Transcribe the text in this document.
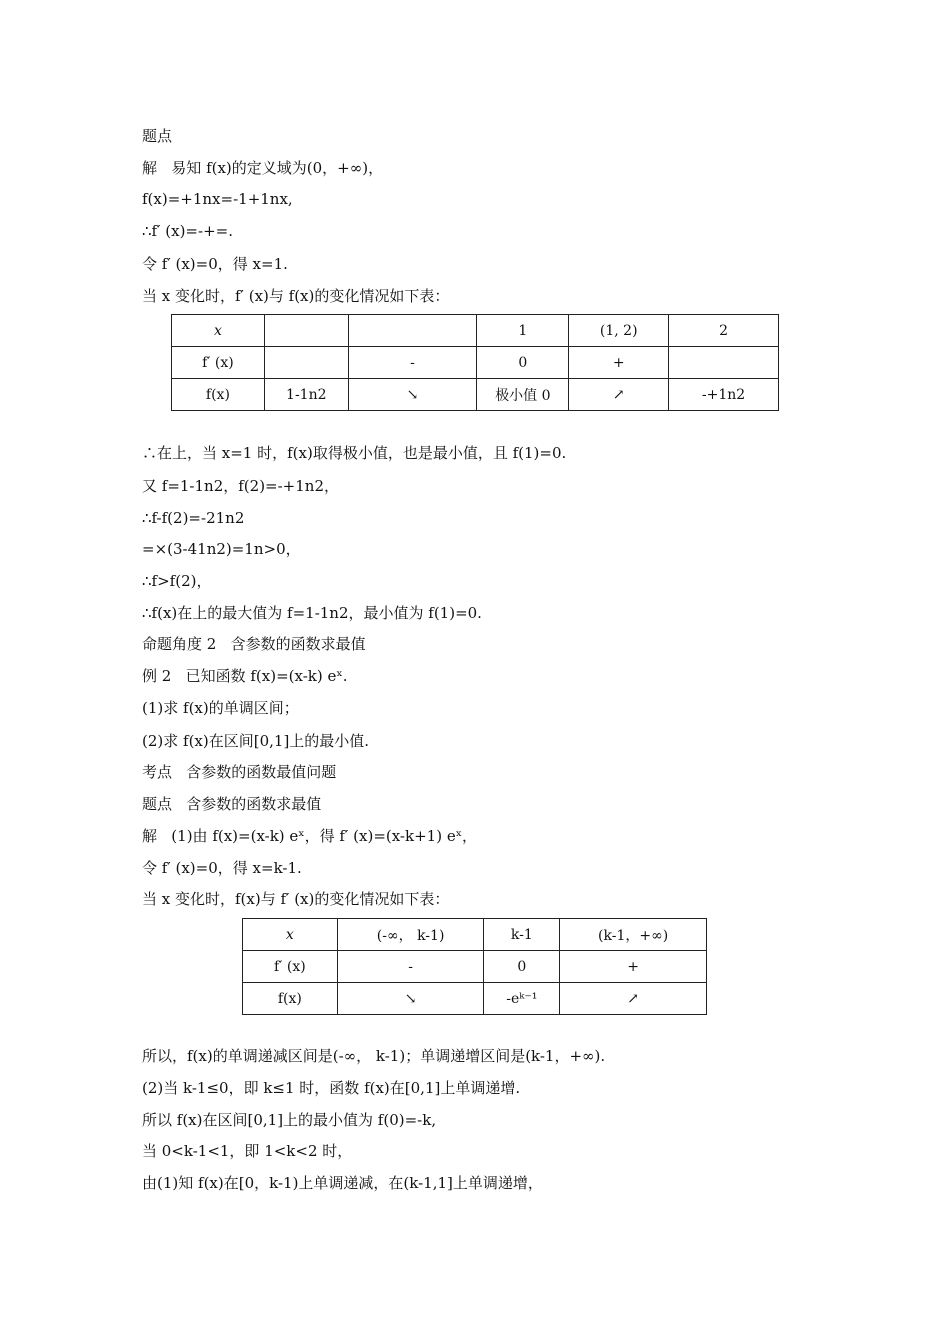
题点
解   易知 f(x)的定义域为(0，+∞)，
f(x)=+1nx=-1+1nx,
∴f′ (x)=-+=.
令 f′ (x)=0，得 x=1.
当 x 变化时，f′ (x)与 f(x)的变化情况如下表：
x			1	(1, 2)	2
f′ (x)		-	0	+	
f(x)	1-1n2	↘	极小值 0	↗	-+1n2
∴在上，当 x=1 时，f(x)取得极小值，也是最小值，且 f(1)=0.
又 f=1-1n2，f(2)=-+1n2，
∴f-f(2)=-21n2
=×(3-41n2)=1n>0，
∴f>f(2)，
∴f(x)在上的最大值为 f=1-1n2，最小值为 f(1)=0.
命题角度 2   含参数的函数求最值
例 2   已知函数 f(x)=(x-k) eˣ.
(1)求 f(x)的单调区间；
(2)求 f(x)在区间[0,1]上的最小值.
考点   含参数的函数最值问题
题点   含参数的函数求最值
解   (1)由 f(x)=(x-k) eˣ，得 f′ (x)=(x-k+1) eˣ，
令 f′ (x)=0，得 x=k-1.
当 x 变化时，f(x)与 f′ (x)的变化情况如下表：
x	(-∞， k-1)	k-1	(k-1，+∞)
f′ (x)	-	0	+
f(x)	↘	-eᵏ⁻¹	↗
所以，f(x)的单调递减区间是(-∞， k-1)；单调递增区间是(k-1，+∞).
(2)当 k-1≤0，即 k≤1 时，函数 f(x)在[0,1]上单调递增.
所以 f(x)在区间[0,1]上的最小值为 f(0)=-k,
当 0<k-1<1，即 1<k<2 时，
由(1)知 f(x)在[0，k-1)上单调递减，在(k-1,1]上单调递增，
